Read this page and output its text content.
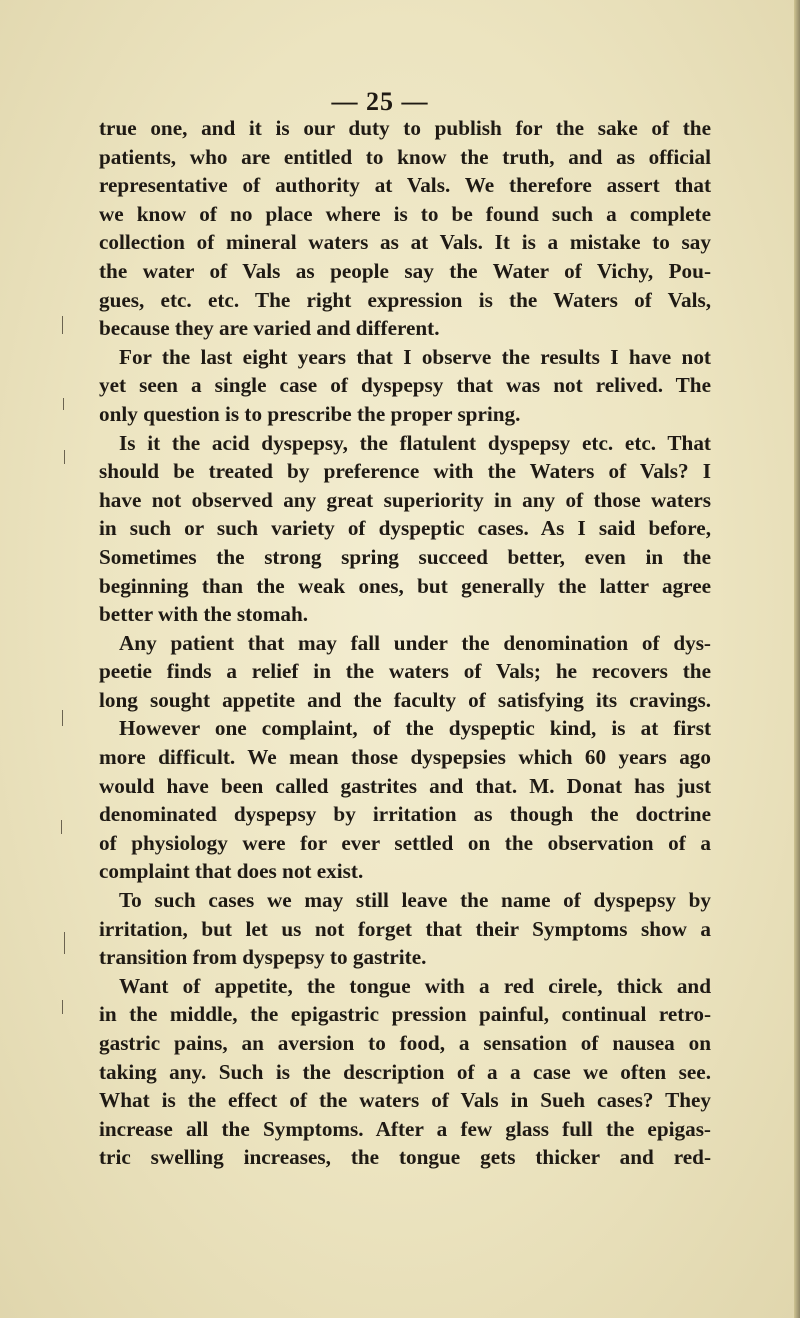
— 25 —
true one, and it is our duty to publish for the sake of the
patients, who are entitled to know the truth, and as official
representative of authority at Vals. We therefore assert that
we know of no place where is to be found such a complete
collection of mineral waters as at Vals. It is a mistake to say
the water of Vals as people say the Water of Vichy, Pou-
gues, etc. etc. The right expression is the Waters of Vals,
because they are varied and different.
For the last eight years that I observe the results I have not
yet seen a single case of dyspepsy that was not relived. The
only question is to prescribe the proper spring.
Is it the acid dyspepsy, the flatulent dyspepsy etc. etc. That
should be treated by preference with the Waters of Vals? I
have not observed any great superiority in any of those waters
in such or such variety of dyspeptic cases. As I said before,
Sometimes the strong spring succeed better, even in the
beginning than the weak ones, but generally the latter agree
better with the stomah.
Any patient that may fall under the denomination of dys-
peetie finds a relief in the waters of Vals; he recovers the
long sought appetite and the faculty of satisfying its cravings.
However one complaint, of the dyspeptic kind, is at first
more difficult. We mean those dyspepsies which 60 years ago
would have been called gastrites and that. M. Donat has just
denominated dyspepsy by irritation as though the doctrine
of physiology were for ever settled on the observation of a
complaint that does not exist.
To such cases we may still leave the name of dyspepsy by
irritation, but let us not forget that their Symptoms show a
transition from dyspepsy to gastrite.
Want of appetite, the tongue with a red cirele, thick and
in the middle, the epigastric pression painful, continual retro-
gastric pains, an aversion to food, a sensation of nausea on
taking any. Such is the description of a a case we often see.
What is the effect of the waters of Vals in Sueh cases? They
increase all the Symptoms. After a few glass full the epigas-
tric swelling increases, the tongue gets thicker and red-
